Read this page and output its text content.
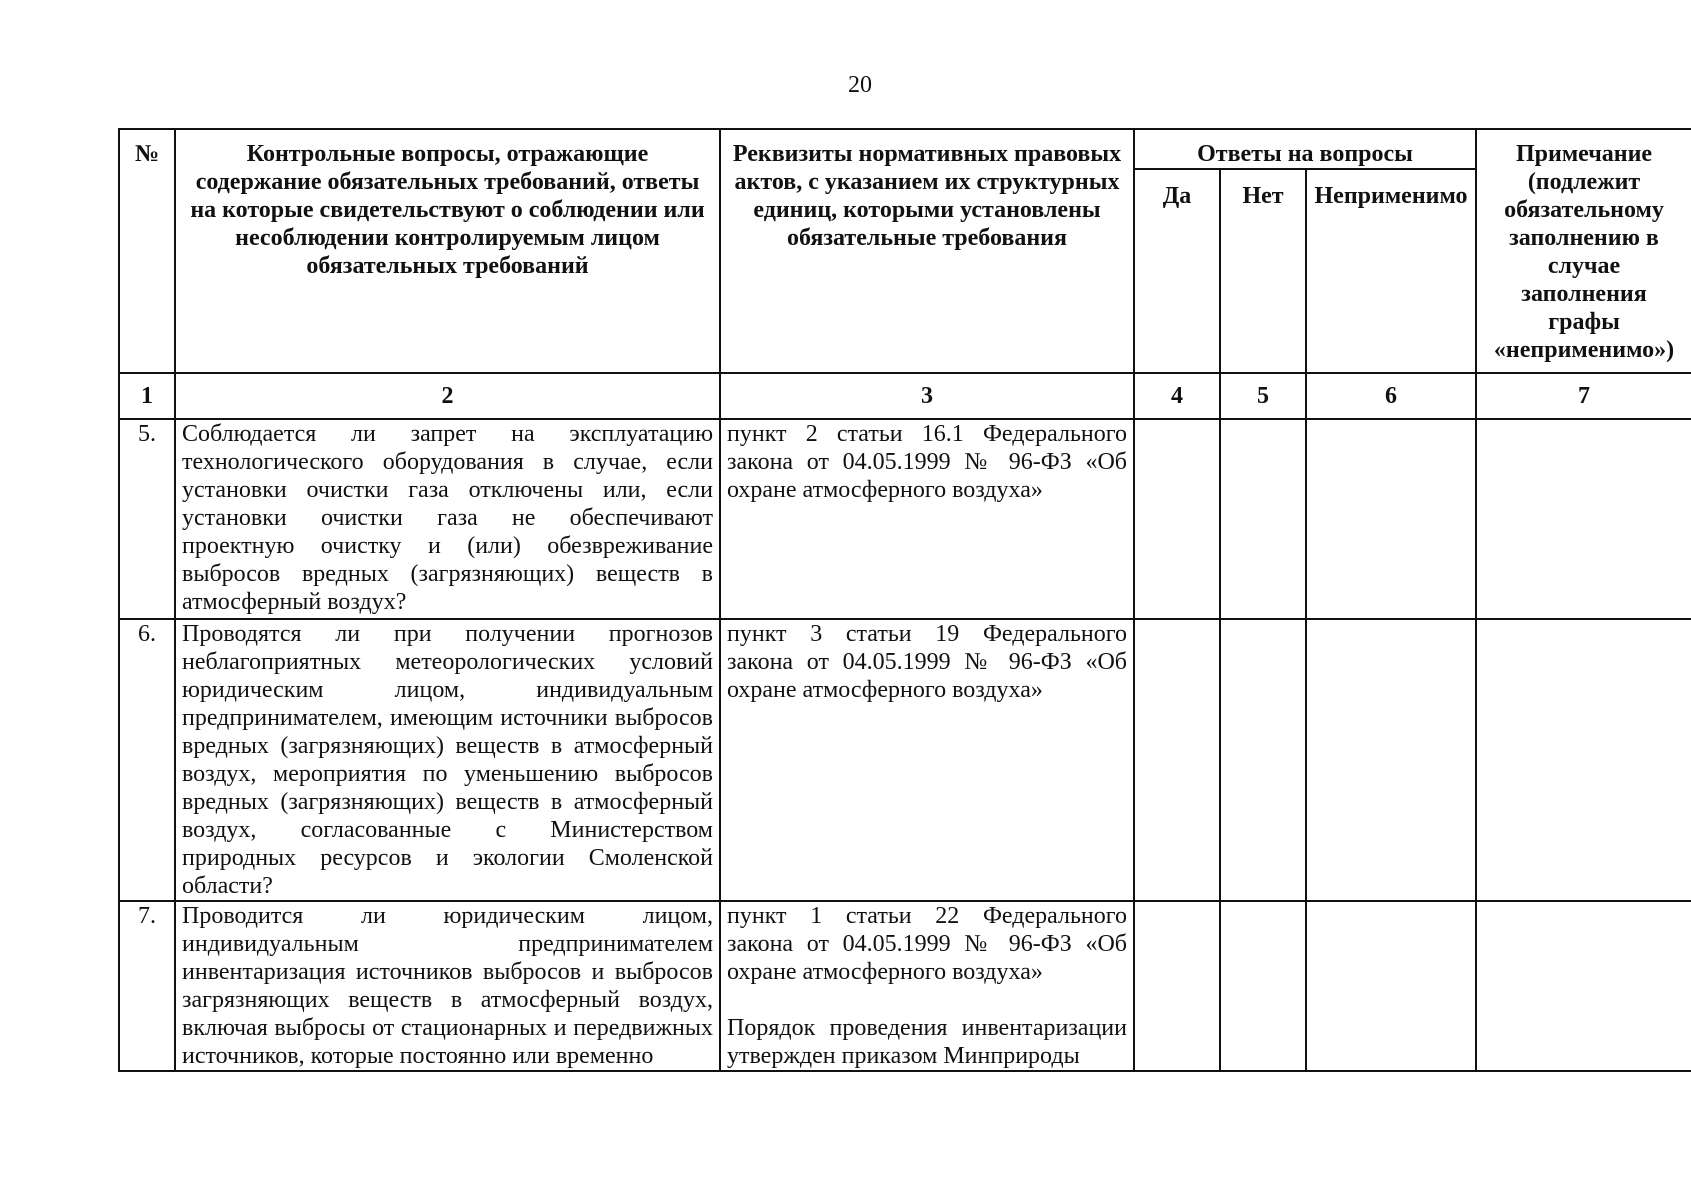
20
№	Контрольные вопросы, отражающие содержание обязательных требований, ответы на которые свидетельствуют о соблюдении или несоблюдении контролируемым лицом обязательных требований	Реквизиты нормативных правовых актов, с указанием их структурных единиц, которыми установлены обязательные требования	Ответы на вопросы			Примечание (подлежит обязательному заполнению в случае заполнения графы «неприменимо»)
			Да	Нет	Неприменимо	
1	2	3	4	5	6	7
5.	Соблюдается ли запрет на эксплуатацию технологического оборудования в случае, если установки очистки газа отключены или, если установки очистки газа не обеспечивают проектную очистку и (или) обезвреживание выбросов вредных (загрязняющих) веществ в атмосферный воздух?	пункт 2 статьи 16.1 Федерального закона от 04.05.1999 № 96-ФЗ «Об охране атмосферного воздуха»				
6.	Проводятся ли при получении прогнозов неблагоприятных метеорологических условий юридическим лицом, индивидуальным предпринимателем, имеющим источники выбросов вредных (загрязняющих) веществ в атмосферный воздух, мероприятия по уменьшению выбросов вредных (загрязняющих) веществ в атмосферный воздух, согласованные с Министерством природных ресурсов и экологии Смоленской области?	пункт 3 статьи 19 Федерального закона от 04.05.1999 № 96-ФЗ «Об охране атмосферного воздуха»				
7.	Проводится ли юридическим лицом, индивидуальным предпринимателем инвентаризация источников выбросов и выбросов загрязняющих веществ в атмосферный воздух, включая выбросы от стационарных и передвижных источников, которые постоянно или временно	пункт 1 статьи 22 Федерального закона от 04.05.1999 № 96-ФЗ «Об охране атмосферного воздуха»
Порядок проведения инвентаризации утвержден приказом Минприроды				
